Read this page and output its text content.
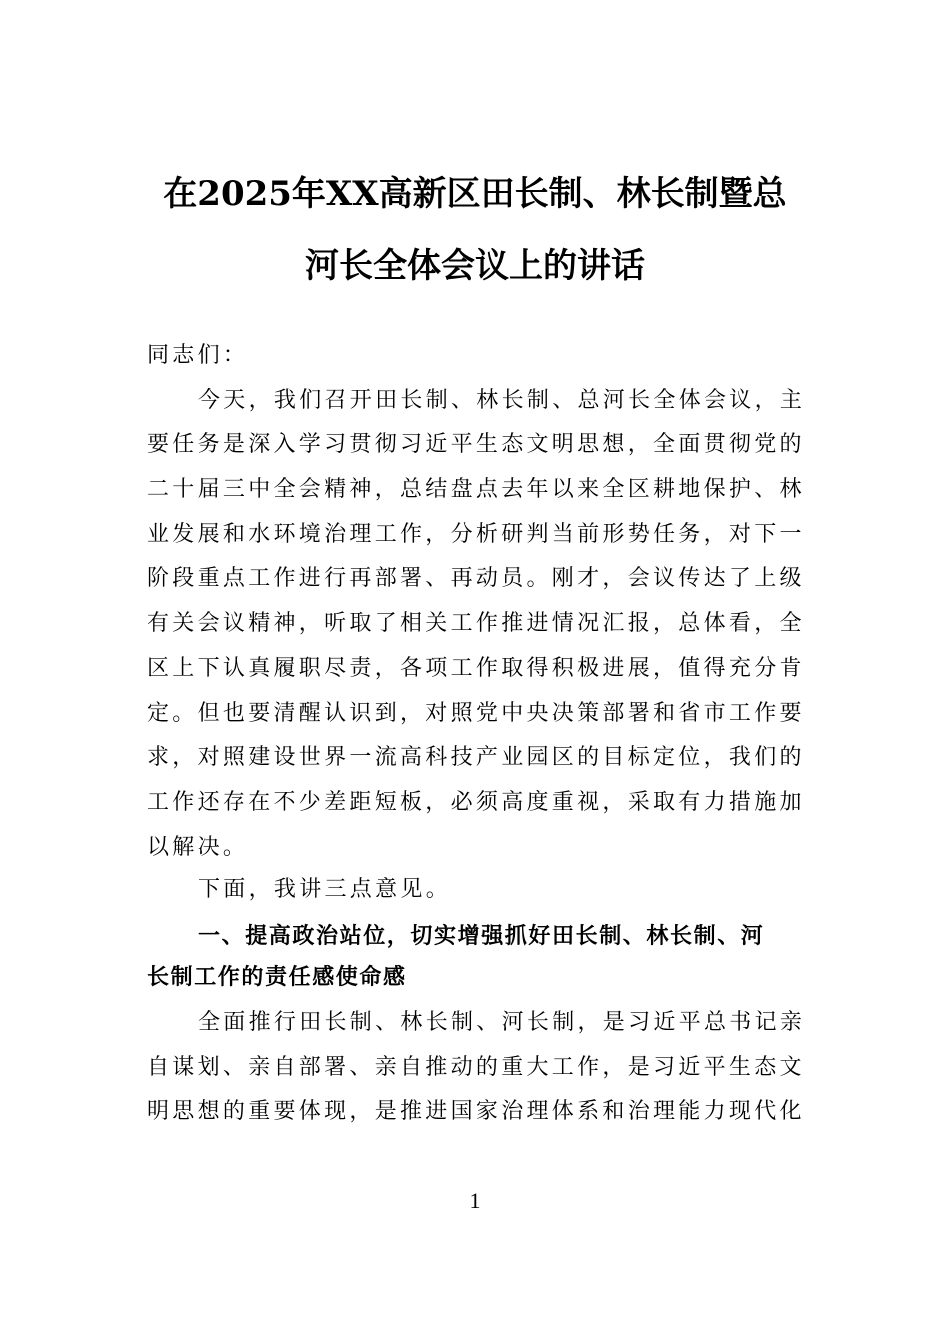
在2025年XX高新区田长制、林长制暨总
河长全体会议上的讲话
同志们：
今天，我们召开田长制、林长制、总河长全体会议，主
要任务是深入学习贯彻习近平生态文明思想，全面贯彻党的
二十届三中全会精神，总结盘点去年以来全区耕地保护、林
业发展和水环境治理工作，分析研判当前形势任务，对下一
阶段重点工作进行再部署、再动员。刚才，会议传达了上级
有关会议精神，听取了相关工作推进情况汇报，总体看，全
区上下认真履职尽责，各项工作取得积极进展，值得充分肯
定。但也要清醒认识到，对照党中央决策部署和省市工作要
求，对照建设世界一流高科技产业园区的目标定位，我们的
工作还存在不少差距短板，必须高度重视，采取有力措施加
以解决。
下面，我讲三点意见。
一、提高政治站位，切实增强抓好田长制、林长制、河
长制工作的责任感使命感
全面推行田长制、林长制、河长制，是习近平总书记亲
自谋划、亲自部署、亲自推动的重大工作，是习近平生态文
明思想的重要体现，是推进国家治理体系和治理能力现代化
1
